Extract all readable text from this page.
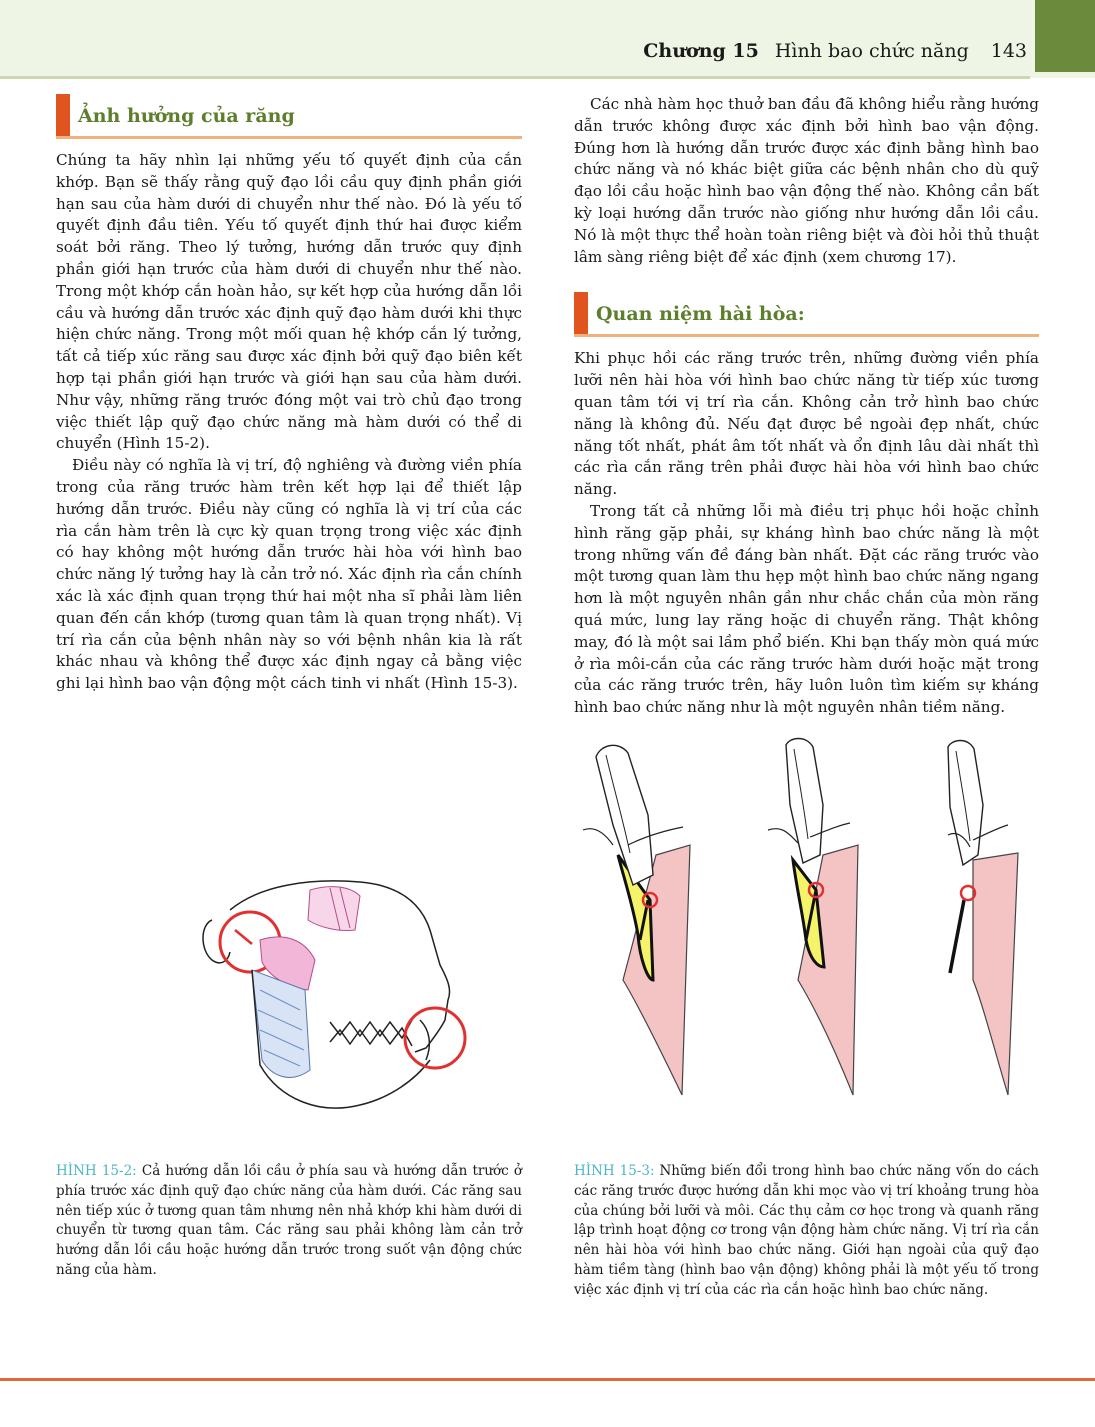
Chương 15 Hình bao chức năng 143
Ảnh hưởng của răng

Chúng ta hãy nhìn lại những yếu tố quyết định của cắn khớp. Bạn sẽ thấy rằng quỹ đạo lồi cầu quy định phần giới hạn sau của hàm dưới di chuyển như thế nào. Đó là yếu tố quyết định đầu tiên. Yếu tố quyết định thứ hai được kiểm soát bởi răng. Theo lý tưởng, hướng dẫn trước quy định phần giới hạn trước của hàm dưới di chuyển như thế nào. Trong một khớp cắn hoàn hảo, sự kết hợp của hướng dẫn lồi cầu và hướng dẫn trước xác định quỹ đạo hàm dưới khi thực hiện chức năng. Trong một mối quan hệ khớp cắn lý tưởng, tất cả tiếp xúc răng sau được xác định bởi quỹ đạo biên kết hợp tại phần giới hạn trước và giới hạn sau của hàm dưới. Như vậy, những răng trước đóng một vai trò chủ đạo trong việc thiết lập quỹ đạo chức năng mà hàm dưới có thể di chuyển (Hình 15-2).

Điều này có nghĩa là vị trí, độ nghiêng và đường viền phía trong của răng trước hàm trên kết hợp lại để thiết lập hướng dẫn trước. Điều này cũng có nghĩa là vị trí của các rìa cắn hàm trên là cực kỳ quan trọng trong việc xác định có hay không một hướng dẫn trước hài hòa với hình bao chức năng lý tưởng hay là cản trở nó. Xác định rìa cắn chính xác là xác định quan trọng thứ hai một nha sĩ phải làm liên quan đến cắn khớp (tương quan tâm là quan trọng nhất). Vị trí rìa cắn của bệnh nhân này so với bệnh nhân kia là rất khác nhau và không thể được xác định ngay cả bằng việc ghi lại hình bao vận động một cách tinh vi nhất (Hình 15-3).

Các nhà hàm học thuở ban đầu đã không hiểu rằng hướng dẫn trước không được xác định bởi hình bao vận động. Đúng hơn là hướng dẫn trước được xác định bằng hình bao chức năng và nó khác biệt giữa các bệnh nhân cho dù quỹ đạo lồi cầu hoặc hình bao vận động thế nào. Không cần bất kỳ loại hướng dẫn trước nào giống như hướng dẫn lồi cầu. Nó là một thực thể hoàn toàn riêng biệt và đòi hỏi thủ thuật lâm sàng riêng biệt để xác định (xem chương 17).

Quan niệm hài hòa:

Khi phục hồi các răng trước trên, những đường viền phía lưỡi nên hài hòa với hình bao chức năng từ tiếp xúc tương quan tâm tới vị trí rìa cắn. Không cản trở hình bao chức năng là không đủ. Nếu đạt được bề ngoài đẹp nhất, chức năng tốt nhất, phát âm tốt nhất và ổn định lâu dài nhất thì các rìa cắn răng trên phải được hài hòa với hình bao chức năng.

Trong tất cả những lỗi mà điều trị phục hồi hoặc chỉnh hình răng gặp phải, sự kháng hình bao chức năng là một trong những vấn đề đáng bàn nhất. Đặt các răng trước vào một tương quan làm thu hẹp một hình bao chức năng ngang hơn là một nguyên nhân gần như chắc chắn của mòn răng quá mức, lung lay răng hoặc di chuyển răng. Thật không may, đó là một sai lầm phổ biến. Khi bạn thấy mòn quá mức ở rìa môi-cắn của các răng trước hàm dưới hoặc mặt trong của các răng trước trên, hãy luôn luôn tìm kiếm sự kháng hình bao chức năng như là một nguyên nhân tiềm năng.

HÌNH 15-2: Cả hướng dẫn lồi cầu ở phía sau và hướng dẫn trước ở phía trước xác định quỹ đạo chức năng của hàm dưới. Các răng sau nên tiếp xúc ở tương quan tâm nhưng nên nhả khớp khi hàm dưới di chuyển từ tương quan tâm. Các răng sau phải không làm cản trở hướng dẫn lồi cầu hoặc hướng dẫn trước trong suốt vận động chức năng của hàm.
HÌNH 15-3: Những biến đổi trong hình bao chức năng vốn do cách các răng trước được hướng dẫn khi mọc vào vị trí khoảng trung hòa của chúng bởi lưỡi và môi. Các thụ cảm cơ học trong và quanh răng lập trình hoạt động cơ trong vận động hàm chức năng. Vị trí rìa cắn nên hài hòa với hình bao chức năng. Giới hạn ngoài của quỹ đạo hàm tiềm tàng (hình bao vận động) không phải là một yếu tố trong việc xác định vị trí của các rìa cắn hoặc hình bao chức năng.
